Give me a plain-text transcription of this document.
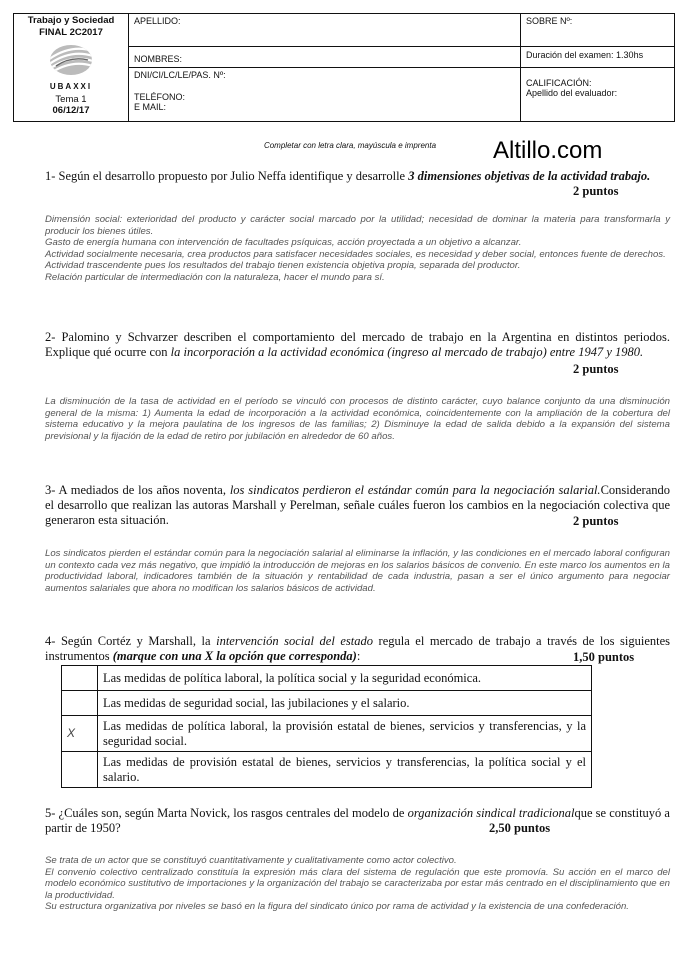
Trabajo y Sociedad
FINAL 2C2017
UBAXXI
Tema 1
06/12/17
APELLIDO:
NOMBRES:
DNI/CI/LC/LE/PAS. Nº:
TELÉFONO:
E MAIL:
SOBRE Nº:
Duración del examen: 1.30hs
CALIFICACIÓN:
Apellido del evaluador:
Completar con letra clara, mayúscula e imprenta	Altillo.com
1- Según el desarrollo propuesto por Julio Neffa identifique y desarrolle 3 dimensiones objetivas de la actividad trabajo.
2 puntos
Dimensión social: exterioridad del producto y carácter social marcado por la utilidad; necesidad de dominar la materia para transformarla y producir los bienes útiles.
Gasto de energía humana con intervención de facultades psíquicas, acción proyectada a un objetivo a alcanzar.
Actividad socialmente necesaria, crea productos para satisfacer necesidades sociales, es necesidad y deber social, entonces fuente de derechos.
Actividad trascendente pues los resultados del trabajo tienen existencia objetiva propia, separada del productor.
Relación particular de intermediación con la naturaleza, hacer el mundo para sí.
2- Palomino y Schvarzer describen el comportamiento del mercado de trabajo en la Argentina en distintos periodos. Explique qué ocurre con la incorporación a la actividad económica (ingreso al mercado de trabajo) entre 1947 y 1980.
2 puntos
La disminución de la tasa de actividad en el período se vinculó con procesos de distinto carácter, cuyo balance conjunto da una disminución general de la misma: 1) Aumenta la edad de incorporación a la actividad económica, coincidentemente con la ampliación de la cobertura del sistema educativo y la mejora paulatina de los ingresos de las familias; 2) Disminuye la edad de salida debido a la expansión del sistema previsional y la fijación de la edad de retiro por jubilación en alrededor de 60 años.
3- A mediados de los años noventa, los sindicatos perdieron el estándar común para la negociación salarial.Considerando el desarrollo que realizan las autoras Marshall y Perelman, señale cuáles fueron los cambios en la negociación colectiva que generaron esta situación.	2 puntos
Los sindicatos pierden el estándar común para la negociación salarial al eliminarse la inflación, y las condiciones en el mercado laboral configuran un contexto cada vez más negativo, que impidió la introducción de mejoras en los salarios básicos de convenio. En este marco los aumentos en la productividad laboral, indicadores también de la situación y rentabilidad de cada industria, pasan a ser el único argumento para negociar aumentos salariales que ahora no modifican los salarios básicos de actividad.
4- Según Cortéz y Marshall, la intervención social del estado regula el mercado de trabajo a través de los siguientes instrumentos (marque con una X la opción que corresponda):	1,50 puntos
	Las medidas de política laboral, la política social y la seguridad económica.
	Las medidas de seguridad social, las jubilaciones y el salario.
X	Las medidas de política laboral, la provisión estatal de bienes, servicios y transferencias, y la seguridad social.
	Las medidas de provisión estatal de bienes, servicios y transferencias, la política social y el salario.
5- ¿Cuáles son, según Marta Novick, los rasgos centrales del modelo de organización sindical tradicionalque se constituyó a partir de 1950?	2,50 puntos
Se trata de un actor que se constituyó cuantitativamente y cualitativamente como actor colectivo.
El convenio colectivo centralizado constituía la expresión más clara del sistema de regulación que este promovía. Su acción en el marco del modelo económico sustitutivo de importaciones y la organización del trabajo se caracterizaba por estar más centrado en el disciplinamiento que en la productividad.
Su estructura organizativa por niveles se basó en la figura del sindicato único por rama de actividad y la existencia de una confederación.
